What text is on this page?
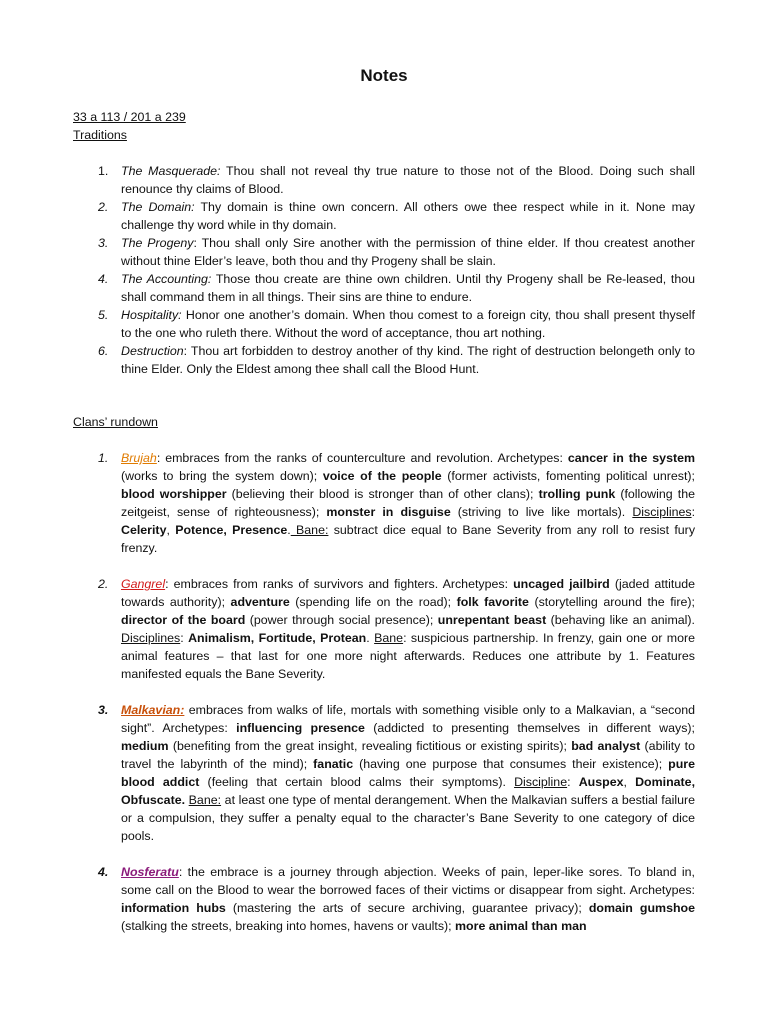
Notes
33 a 113 / 201 a 239
Traditions
1. The Masquerade: Thou shall not reveal thy true nature to those not of the Blood. Doing such shall renounce thy claims of Blood.
2. The Domain: Thy domain is thine own concern. All others owe thee respect while in it. None may challenge thy word while in thy domain.
3. The Progeny: Thou shall only Sire another with the permission of thine elder. If thou createst another without thine Elder’s leave, both thou and thy Progeny shall be slain.
4. The Accounting: Those thou create are thine own children. Until thy Progeny shall be Re-leased, thou shall command them in all things. Their sins are thine to endure.
5. Hospitality: Honor one another’s domain. When thou comest to a foreign city, thou shall present thyself to the one who ruleth there. Without the word of acceptance, thou art nothing.
6. Destruction: Thou art forbidden to destroy another of thy kind. The right of destruction belongeth only to thine Elder. Only the Eldest among thee shall call the Blood Hunt.
Clans’ rundown
1. Brujah: embraces from the ranks of counterculture and revolution. Archetypes: cancer in the system (works to bring the system down); voice of the people (former activists, fomenting political unrest); blood worshipper (believing their blood is stronger than of other clans); trolling punk (following the zeitgeist, sense of righteousness); monster in disguise (striving to live like mortals). Disciplines: Celerity, Potence, Presence. Bane: subtract dice equal to Bane Severity from any roll to resist fury frenzy.
2. Gangrel: embraces from ranks of survivors and fighters. Archetypes: uncaged jailbird (jaded attitude towards authority); adventure (spending life on the road); folk favorite (storytelling around the fire); director of the board (power through social presence); unrepentant beast (behaving like an animal). Disciplines: Animalism, Fortitude, Protean. Bane: suspicious partnership. In frenzy, gain one or more animal features – that last for one more night afterwards. Reduces one attribute by 1. Features manifested equals the Bane Severity.
3. Malkavian: embraces from walks of life, mortals with something visible only to a Malkavian, a “second sight”. Archetypes: influencing presence (addicted to presenting themselves in different ways); medium (benefiting from the great insight, revealing fictitious or existing spirits); bad analyst (ability to travel the labyrinth of the mind); fanatic (having one purpose that consumes their existence); pure blood addict (feeling that certain blood calms their symptoms). Discipline: Auspex, Dominate, Obfuscate. Bane: at least one type of mental derangement. When the Malkavian suffers a bestial failure or a compulsion, they suffer a penalty equal to the character’s Bane Severity to one category of dice pools.
4. Nosferatu: the embrace is a journey through abjection. Weeks of pain, leper-like sores. To bland in, some call on the Blood to wear the borrowed faces of their victims or disappear from sight. Archetypes: information hubs (mastering the arts of secure archiving, guarantee privacy); domain gumshoe (stalking the streets, breaking into homes, havens or vaults); more animal than man
